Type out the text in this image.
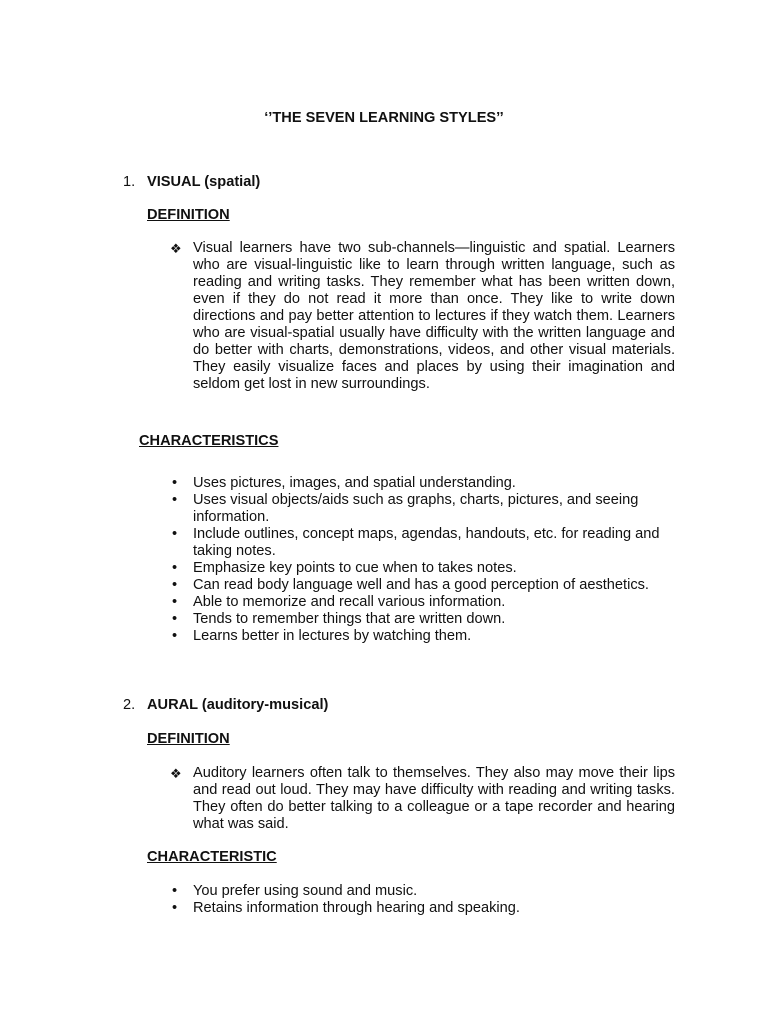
‘’THE SEVEN LEARNING STYLES’’
1. VISUAL (spatial)
DEFINITION
❖ Visual learners have two sub-channels—linguistic and spatial. Learners who are visual-linguistic like to learn through written language, such as reading and writing tasks. They remember what has been written down, even if they do not read it more than once. They like to write down directions and pay better attention to lectures if they watch them. Learners who are visual-spatial usually have difficulty with the written language and do better with charts, demonstrations, videos, and other visual materials. They easily visualize faces and places by using their imagination and seldom get lost in new surroundings.
CHARACTERISTICS
• Uses pictures, images, and spatial understanding.
• Uses visual objects/aids such as graphs, charts, pictures, and seeing information.
• Include outlines, concept maps, agendas, handouts, etc. for reading and taking notes.
• Emphasize key points to cue when to takes notes.
• Can read body language well and has a good perception of aesthetics.
• Able to memorize and recall various information.
• Tends to remember things that are written down.
• Learns better in lectures by watching them.
2. AURAL (auditory-musical)
DEFINITION
❖ Auditory learners often talk to themselves. They also may move their lips and read out loud. They may have difficulty with reading and writing tasks. They often do better talking to a colleague or a tape recorder and hearing what was said.
CHARACTERISTIC
• You prefer using sound and music.
• Retains information through hearing and speaking.
